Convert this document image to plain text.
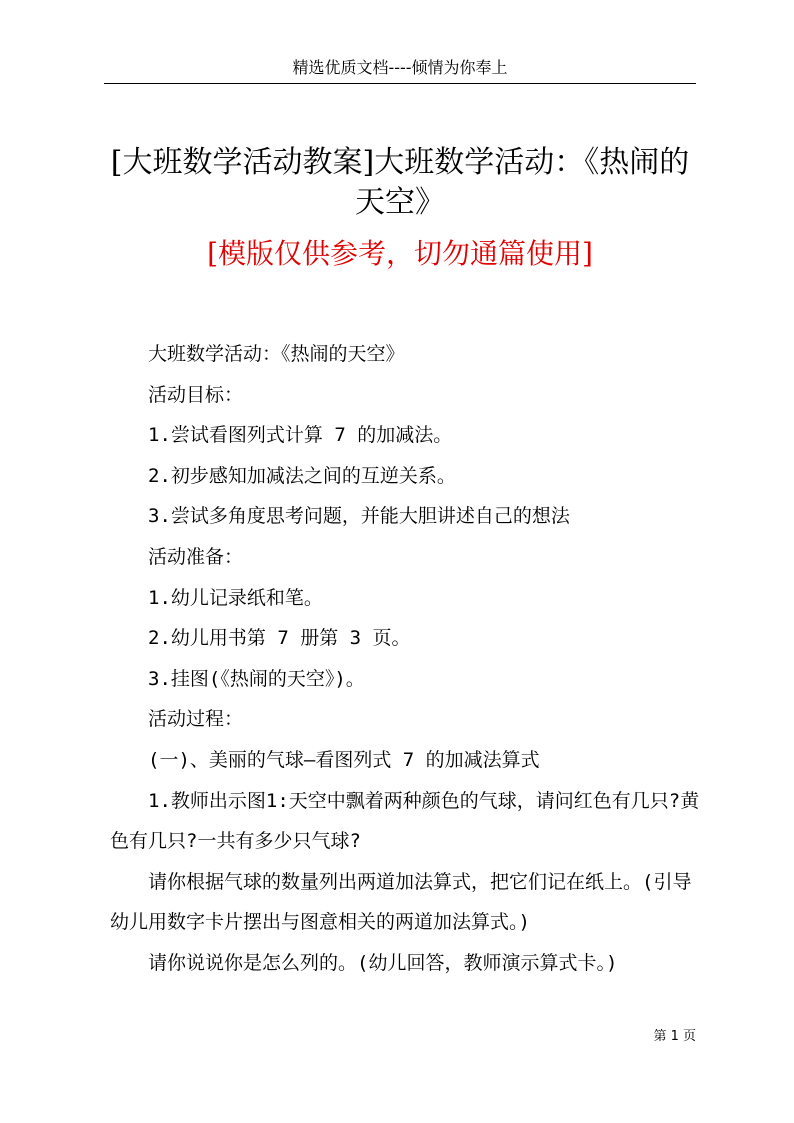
精选优质文档----倾情为你奉上
[大班数学活动教案]大班数学活动：《热闹的
天空》
[模版仅供参考，切勿通篇使用]

大班数学活动：《热闹的天空》

活动目标：

1.尝试看图列式计算 7 的加减法。

2.初步感知加减法之间的互逆关系。

3.尝试多角度思考问题，并能大胆讲述自己的想法

活动准备：

1.幼儿记录纸和笔。

2.幼儿用书第 7 册第 3 页。

3.挂图(《热闹的天空》)。

活动过程：

(一)、美丽的气球—看图列式 7 的加减法算式

1.教师出示图1:天空中飘着两种颜色的气球，请问红色有几只?黄色有几只?一共有多少只气球?

请你根据气球的数量列出两道加法算式，把它们记在纸上。(引导幼儿用数字卡片摆出与图意相关的两道加法算式。)

请你说说你是怎么列的。(幼儿回答，教师演示算式卡。)

第 1 页
